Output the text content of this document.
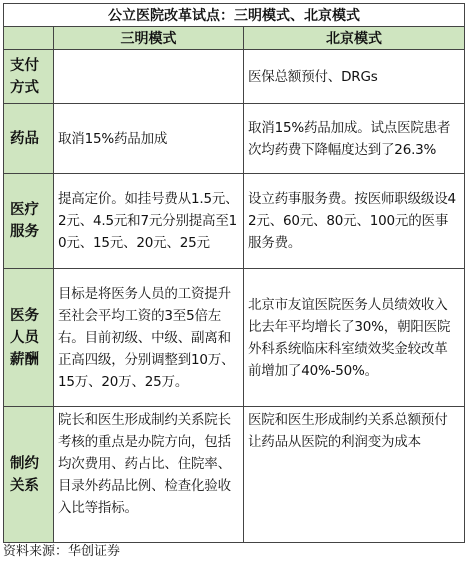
公立医院改革试点：三明模式、北京模式		
	三明模式	北京模式

支付
方式		医保总额预付、DRGs

药品	取消15%药品加成	取消15%药品加成。试点医院患者次均药费下降幅度达到了26.3%

医疗
服务	提高定价。如挂号费从1.5元、2元、4.5元和7元分别提高至10元、15元、20元、25元	设立药事服务费。按医师职级级设42元、60元、80元、100元的医事服务费。

医务
人员
薪酬	目标是将医务人员的工资提升至社会平均工资的3至5倍左右。目前初级、中级、副离和正高四级，分别调整到10万、15万、20万、25万。	北京市友谊医院医务人员绩效收入比去年平均增长了30%，朝阳医院外科系统临床科室绩效奖金较改革前增加了40%-50%。

制约
关系	院长和医生形成制约关系院长考核的重点是办院方向，包括均次费用、药占比、住院率、目录外药品比例、检查化验收入比等指标。	医院和医生形成制约关系总额预付让药品从医院的利润变为成本
资料来源：华创证券
